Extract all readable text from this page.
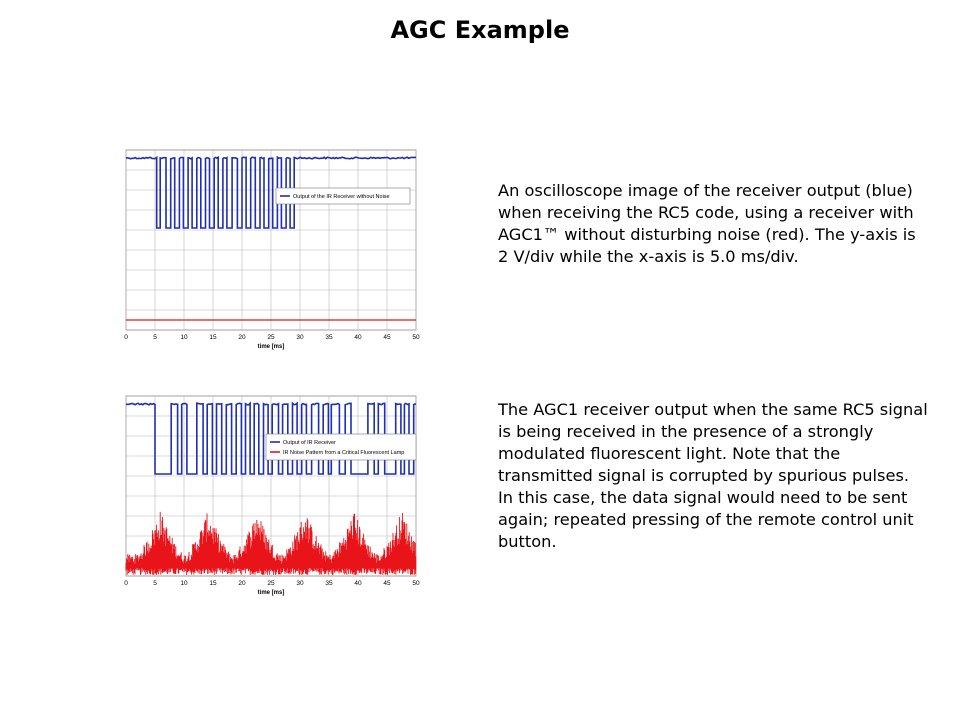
AGC Example
0	5	10	15	20	25	30	35	40	45	50
time [ms]
Output of the IR Receiver without Noise	An oscilloscope image of the receiver output (blue) when receiving the RC5 code, using a receiver with AGC1™ without disturbing noise (red). The y-axis is 2 V/div while the x-axis is 5.0 ms/div.
0	5	10	15	20	25	30	35	40	45	50
time [ms]
Output of IR Receiver
IR Noise Pattern from a Critical Fluorescent Lamp
The AGC1 receiver output when the same RC5 signal is being received in the presence of a strongly modulated fluorescent light. Note that the transmitted signal is corrupted by spurious pulses. In this case, the data signal would need to be sent again; repeated pressing of the remote control unit button.
